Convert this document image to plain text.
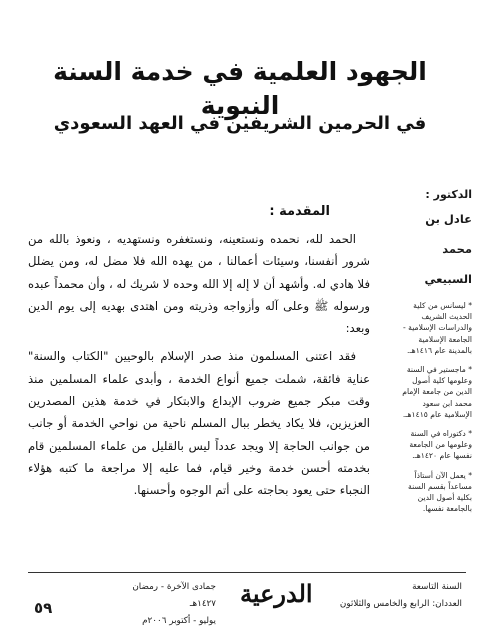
الجهود العلمية في خدمة السنة النبوية
في الحرمين الشريفين في العهد السعودي
الدكتور :
عادل بن
محمد
السبيعي
* ليسانس من كلية الحديث الشريف والدراسات الإسلامية - الجامعة الإسلامية بالمدينة عام ١٤١٦هـ.
* ماجستير في السنة وعلومها كلية أصول الدين من جامعة الإمام محمد ابن سعود الإسلامية عام ١٤١٥هـ.
* دكتوراه في السنة وعلومها من الجامعة نفسها عام ١٤٢٠هـ.
* يعمل الآن أستاذاً مساعداً بقسم السنة بكلية أصول الدين بالجامعة نفسها.
المقدمة :

الحمد لله، نحمده ونستعينه، ونستغفره ونستهديه ، ونعوذ بالله من شرور أنفسنا، وسيئات أعمالنا ، من يهده الله فلا مضل له، ومن يضلل فلا هادي له. وأشهد أن لا إله إلا الله وحده لا شريك له ، وأن محمداً عبده ورسوله ﷺ وعلى آله وأزواجه وذريته ومن اهتدى بهديه إلى يوم الدين وبعد:

فقد اعتنى المسلمون منذ صدر الإسلام بالوحيين "الكتاب والسنة" عناية فائقة، شملت جميع أنواع الخدمة ، وأبدى علماء المسلمين منذ وقت مبكر جميع ضروب الإبداع والابتكار في خدمة هذين المصدرين العزيزين، فلا يكاد يخطر ببال المسلم ناحية من نواحي الخدمة أو جانب من جوانب الحاجة إلا ويجد عدداً ليس بالقليل من علماء المسلمين قام بخدمته أحسن خدمة وخير قيام، فما عليه إلا مراجعة ما كتبه هؤلاء النجباء حتى يعود بحاجته على أتم الوجوه وأحسنها.

٥٩
جمادى الآخرة - رمضان ١٤٢٧هـ
يوليو - أكتوبر ٢٠٠٦م
الدرعية	السنة التاسعة
العددان: الرابع والخامس والثلاثون
